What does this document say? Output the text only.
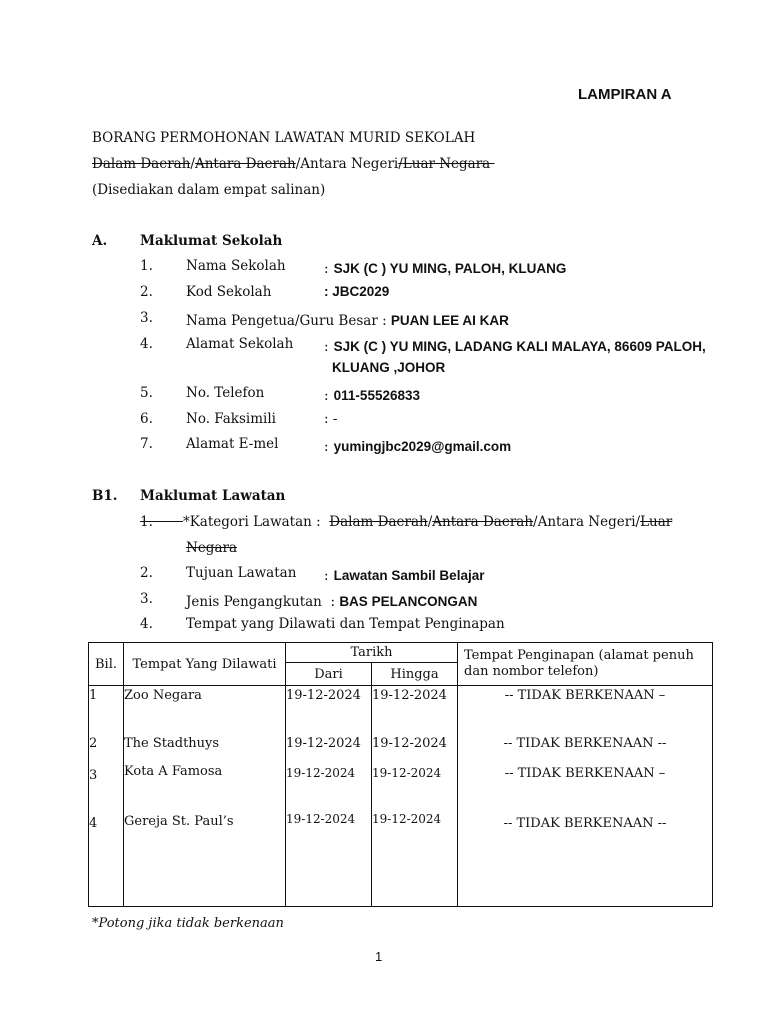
LAMPIRAN A
BORANG PERMOHONAN LAWATAN MURID SEKOLAH
Dalam Daerah/Antara Daerah/Antara Negeri/Luar Negara
(Disediakan dalam empat salinan)
A. Maklumat Sekolah
1. Nama Sekolah	: SJK (C ) YU MING, PALOH, KLUANG
2. Kod Sekolah	: JBC2029
3. Nama Pengetua/Guru Besar : PUAN LEE AI KAR
4. Alamat Sekolah : SJK (C ) YU MING, LADANG KALI MALAYA, 86609 PALOH,
KLUANG ,JOHOR
5. No. Telefon	: 011-55526833
6. No. Faksimili	: -
7. Alamat E-mel	: yumingjbc2029@gmail.com
B1. Maklumat Lawatan
1. *Kategori Lawatan : Dalam Daerah/Antara Daerah/Antara Negeri/Luar
Negara
2. Tujuan Lawatan : Lawatan Sambil Belajar
3. Jenis Pengangkutan  : BAS PELANCONGAN
4. Tempat yang Dilawati dan Tempat Penginapan
Bil.	Tempat Yang Dilawati	Tarikh		Tempat Penginapan (alamat penuh dan nombor telefon)
		Dari	Hingga	

1	Zoo Negara	19-12-2024	19-12-2024	-- TIDAK BERKENAAN –

2	The Stadthuys	19-12-2024	19-12-2024	-- TIDAK BERKENAAN --

3	Kota A Famosa	19-12-2024	19-12-2024	-- TIDAK BERKENAAN –

4	Gereja St. Paul’s	19-12-2024	19-12-2024	-- TIDAK BERKENAAN --
*Potong jika tidak berkenaan
1
